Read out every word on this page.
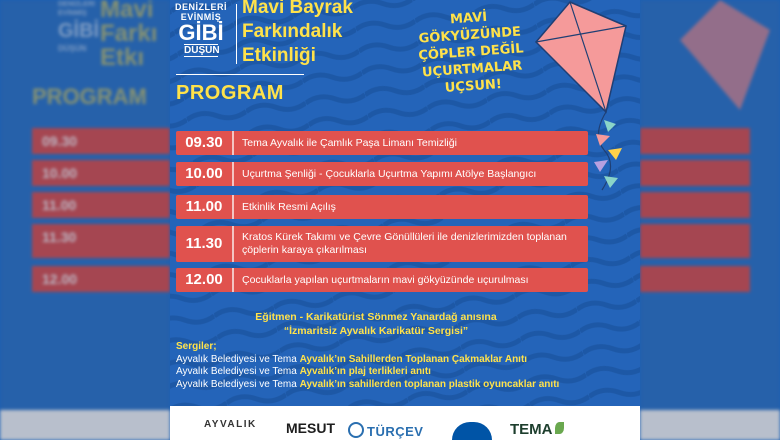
DENİZLERİ
EVİNMİŞ
GİBİ
DÜŞÜN
Mavi
Farkı
Etkı
PROGRAM
09.30
10.00
11.00
11.30
12.00
DENİZLERİ
EVİNMİŞ
GİBİ
DÜŞÜN
Mavi Bayrak
Farkındalık
Etkinliği
PROGRAM
MAVİ
GÖKYÜZÜNDE
ÇÖPLER DEĞİL
UÇURTMALAR
UÇSUN!
09.30	Tema Ayvalık ile Çamlık Paşa Limanı Temizliği
10.00	Uçurtma Şenliği - Çocuklarla Uçurtma Yapımı Atölye Başlangıcı
11.00	Etkinlik Resmi Açılış
11.30	Kratos Kürek Takımı ve Çevre Gönüllüleri ile denizlerimizden toplanan çöplerin karaya çıkarılması
12.00	Çocuklarla yapılan uçurtmaların mavi gökyüzünde uçurulması
Eğitmen - Karikatürist Sönmez Yanardağ anısına
“İzmaritsiz Ayvalık Karikatür Sergisi”
Sergiler;
Ayvalık Belediyesi ve Tema Ayvalık’ın Sahillerden Toplanan Çakmaklar Anıtı
Ayvalık Belediyesi ve Tema Ayvalık’ın plaj terlikleri anıtı
Ayvalık Belediyesi ve Tema Ayvalık’ın sahillerden toplanan plastik oyuncaklar anıtı
AYVALIK MESUT	TÜRÇEV	TEMA
